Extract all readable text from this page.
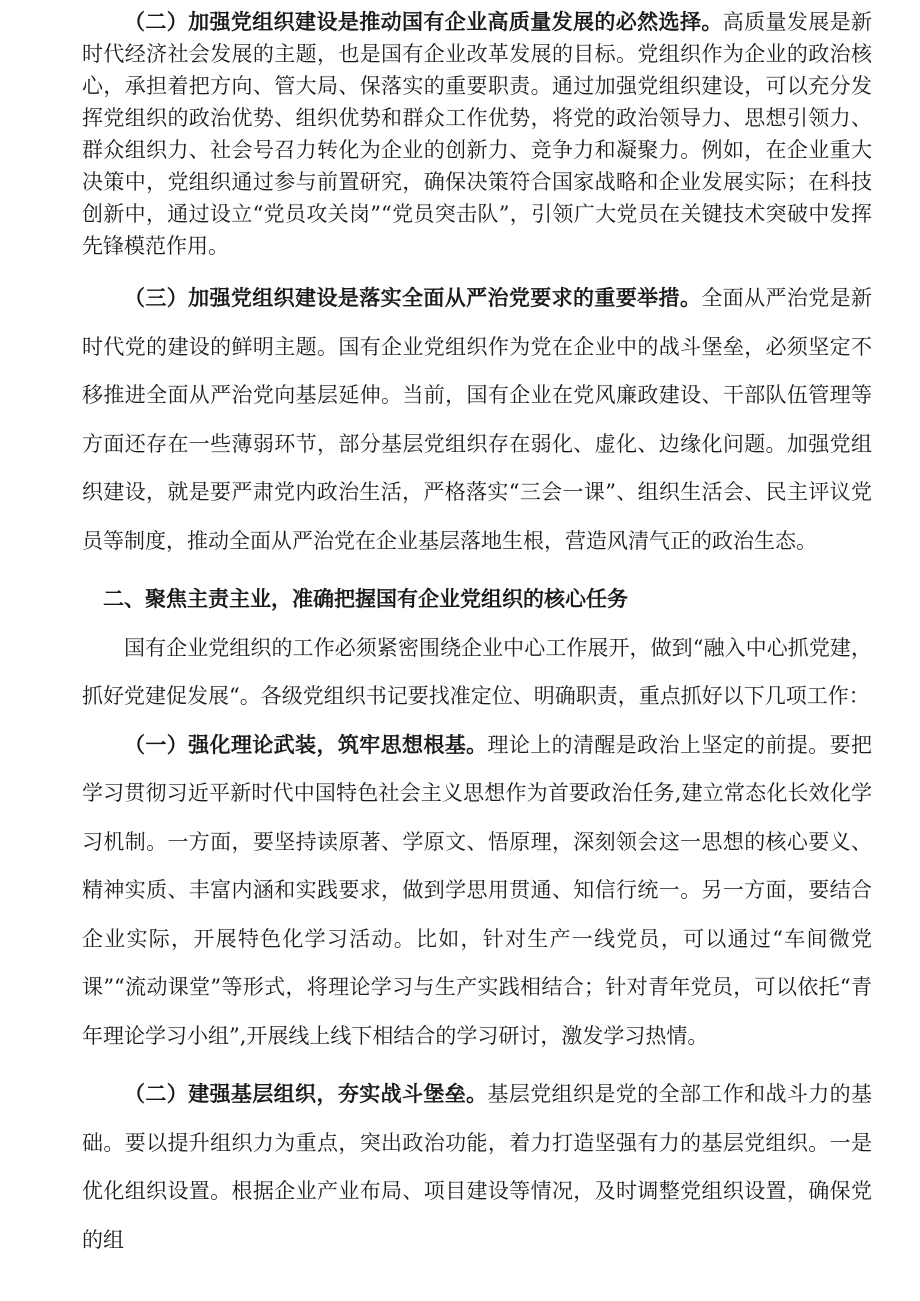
（二）加强党组织建设是推动国有企业高质量发展的必然选择。高质量发展是新时代经济社会发展的主题，也是国有企业改革发展的目标。党组织作为企业的政治核心，承担着把方向、管大局、保落实的重要职责。通过加强党组织建设，可以充分发挥党组织的政治优势、组织优势和群众工作优势，将党的政治领导力、思想引领力、群众组织力、社会号召力转化为企业的创新力、竞争力和凝聚力。例如，在企业重大决策中，党组织通过参与前置研究，确保决策符合国家战略和企业发展实际；在科技创新中，通过设立“党员攻关岗”“党员突击队”，引领广大党员在关键技术突破中发挥先锋模范作用。

（三）加强党组织建设是落实全面从严治党要求的重要举措。全面从严治党是新时代党的建设的鲜明主题。国有企业党组织作为党在企业中的战斗堡垒，必须坚定不移推进全面从严治党向基层延伸。当前，国有企业在党风廉政建设、干部队伍管理等方面还存在一些薄弱环节，部分基层党组织存在弱化、虚化、边缘化问题。加强党组织建设，就是要严肃党内政治生活，严格落实“三会一课”、组织生活会、民主评议党员等制度，推动全面从严治党在企业基层落地生根，营造风清气正的政治生态。

二、聚焦主责主业，准确把握国有企业党组织的核心任务

国有企业党组织的工作必须紧密围绕企业中心工作展开，做到“融入中心抓党建，抓好党建促发展“。各级党组织书记要找准定位、明确职责，重点抓好以下几项工作：

（一）强化理论武装，筑牢思想根基。理论上的清醒是政治上坚定的前提。要把学习贯彻习近平新时代中国特色社会主义思想作为首要政治任务,建立常态化长效化学习机制。一方面，要坚持读原著、学原文、悟原理，深刻领会这一思想的核心要义、精神实质、丰富内涵和实践要求，做到学思用贯通、知信行统一。另一方面，要结合企业实际，开展特色化学习活动。比如，针对生产一线党员，可以通过“车间微党课”“流动课堂”等形式，将理论学习与生产实践相结合；针对青年党员，可以依托“青年理论学习小组”,开展线上线下相结合的学习研讨，激发学习热情。

（二）建强基层组织，夯实战斗堡垒。基层党组织是党的全部工作和战斗力的基础。要以提升组织力为重点，突出政治功能，着力打造坚强有力的基层党组织。一是优化组织设置。根据企业产业布局、项目建设等情况，及时调整党组织设置，确保党的组
